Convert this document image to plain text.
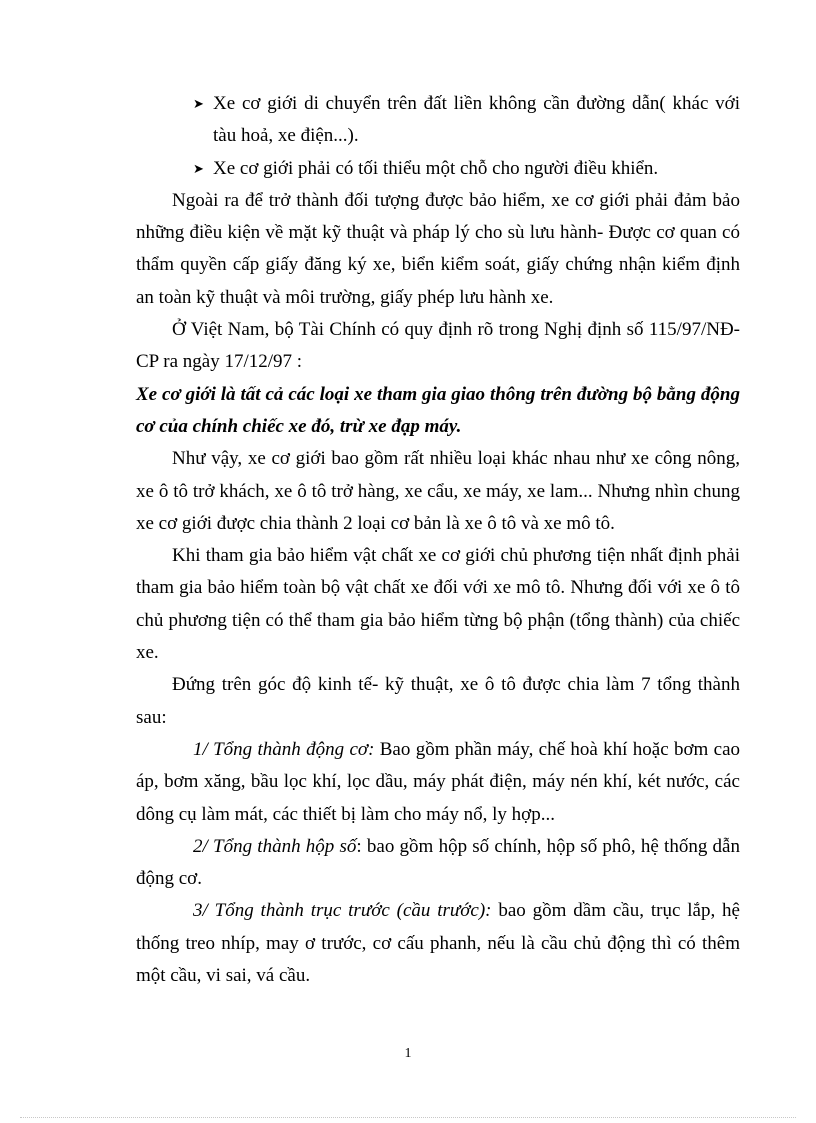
➤ Xe cơ giới di chuyển trên đất liền không cần đường dẫn( khác với tàu hoả, xe điện...).

➤ Xe cơ giới phải có tối thiểu một chỗ cho người điều khiển.

Ngoài ra để trở thành đối tượng được bảo hiểm, xe cơ giới phải đảm bảo những điều kiện về mặt kỹ thuật và pháp lý cho sù lưu hành- Được cơ quan có thẩm quyền cấp giấy đăng ký xe, biển kiểm soát, giấy chứng nhận kiểm định an toàn kỹ thuật và môi trường, giấy phép lưu hành xe.

Ở Việt Nam, bộ Tài Chính có quy định rõ trong Nghị định số 115/97/NĐ- CP ra ngày 17/12/97 :

Xe cơ giới là tất cả các loại xe tham gia giao thông trên đường bộ bằng động cơ của chính chiếc xe đó, trừ xe đạp máy.

Như vậy, xe cơ giới bao gồm rất nhiều loại khác nhau như xe công nông, xe ô tô trở khách, xe ô tô trở hàng, xe cẩu, xe máy, xe lam... Nhưng nhìn chung xe cơ giới được chia thành 2 loại cơ bản là xe ô tô và xe mô tô.

Khi tham gia bảo hiểm vật chất xe cơ giới chủ phương tiện nhất định phải tham gia bảo hiểm toàn bộ vật chất xe đối với xe mô tô. Nhưng đối với xe ô tô chủ phương tiện có thể tham gia bảo hiểm từng bộ phận (tổng thành) của chiếc xe.

Đứng trên góc độ kinh tế- kỹ thuật, xe ô tô được chia làm 7 tổng thành sau:

1/ Tổng thành động cơ: Bao gồm phần máy, chế hoà khí hoặc bơm cao áp, bơm xăng, bầu lọc khí, lọc dầu, máy phát điện, máy nén khí, két nước, các dông cụ làm mát, các thiết bị làm cho máy nổ, ly hợp...

2/ Tổng thành hộp số: bao gồm hộp số chính, hộp số phô, hệ thống dẫn động cơ.

3/ Tổng thành trục trước (cầu trước): bao gồm dầm cầu, trục lắp, hệ thống treo nhíp, may ơ trước, cơ cấu phanh, nếu là cầu chủ động thì có thêm một cầu, vi sai, vá cầu.

1
